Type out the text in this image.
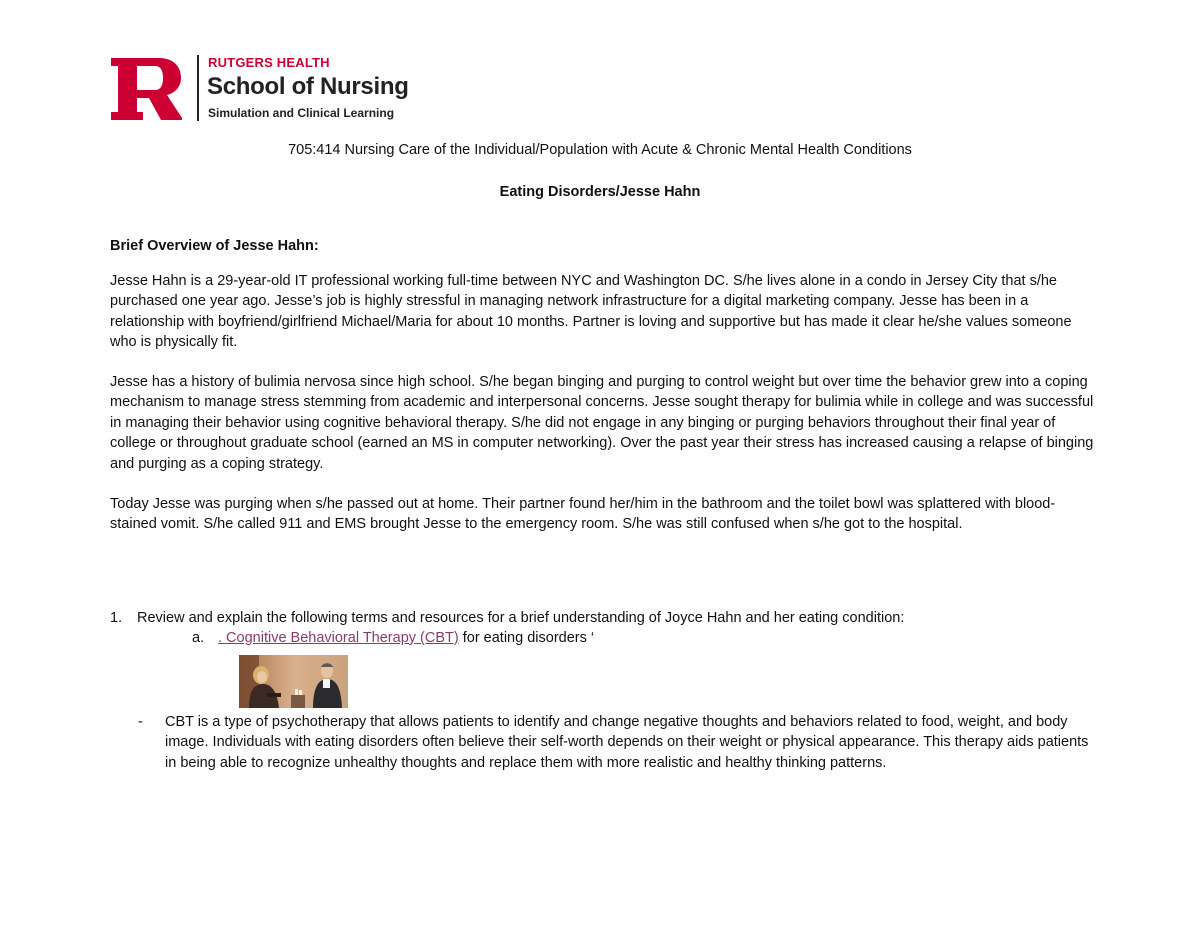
RUTGERS HEALTH
School of Nursing
Simulation and Clinical Learning
705:414 Nursing Care of the Individual/Population with Acute & Chronic Mental Health Conditions
Eating Disorders/Jesse Hahn
Brief Overview of Jesse Hahn:

Jesse Hahn is a 29-year-old IT professional working full-time between NYC and Washington DC. S/he lives alone in a condo in Jersey City that s/he purchased one year ago. Jesse’s job is highly stressful in managing network infrastructure for a digital marketing company. Jesse has been in a relationship with boyfriend/girlfriend Michael/Maria for about 10 months. Partner is loving and supportive but has made it clear he/she values someone who is physically fit.

Jesse has a history of bulimia nervosa since high school. S/he began binging and purging to control weight but over time the behavior grew into a coping mechanism to manage stress stemming from academic and interpersonal concerns. Jesse sought therapy for bulimia while in college and was successful in managing their behavior using cognitive behavioral therapy. S/he did not engage in any binging or purging behaviors throughout their final year of college or throughout graduate school (earned an MS in computer networking). Over the past year their stress has increased causing a relapse of binging and purging as a coping strategy.

Today Jesse was purging when s/he passed out at home. Their partner found her/him in the bathroom and the toilet bowl was splattered with blood-stained vomit. S/he called 911 and EMS brought Jesse to the emergency room. S/he was still confused when s/he got to the hospital.

1. Review and explain the following terms and resources for a brief understanding of Joyce Hahn and her eating condition:
a. . Cognitive Behavioral Therapy (CBT) for eating disorders ‘
- CBT is a type of psychotherapy that allows patients to identify and change negative thoughts and behaviors related to food, weight, and body image. Individuals with eating disorders often believe their self-worth depends on their weight or physical appearance. This therapy aids patients in being able to recognize unhealthy thoughts and replace them with more realistic and healthy thinking patterns.
